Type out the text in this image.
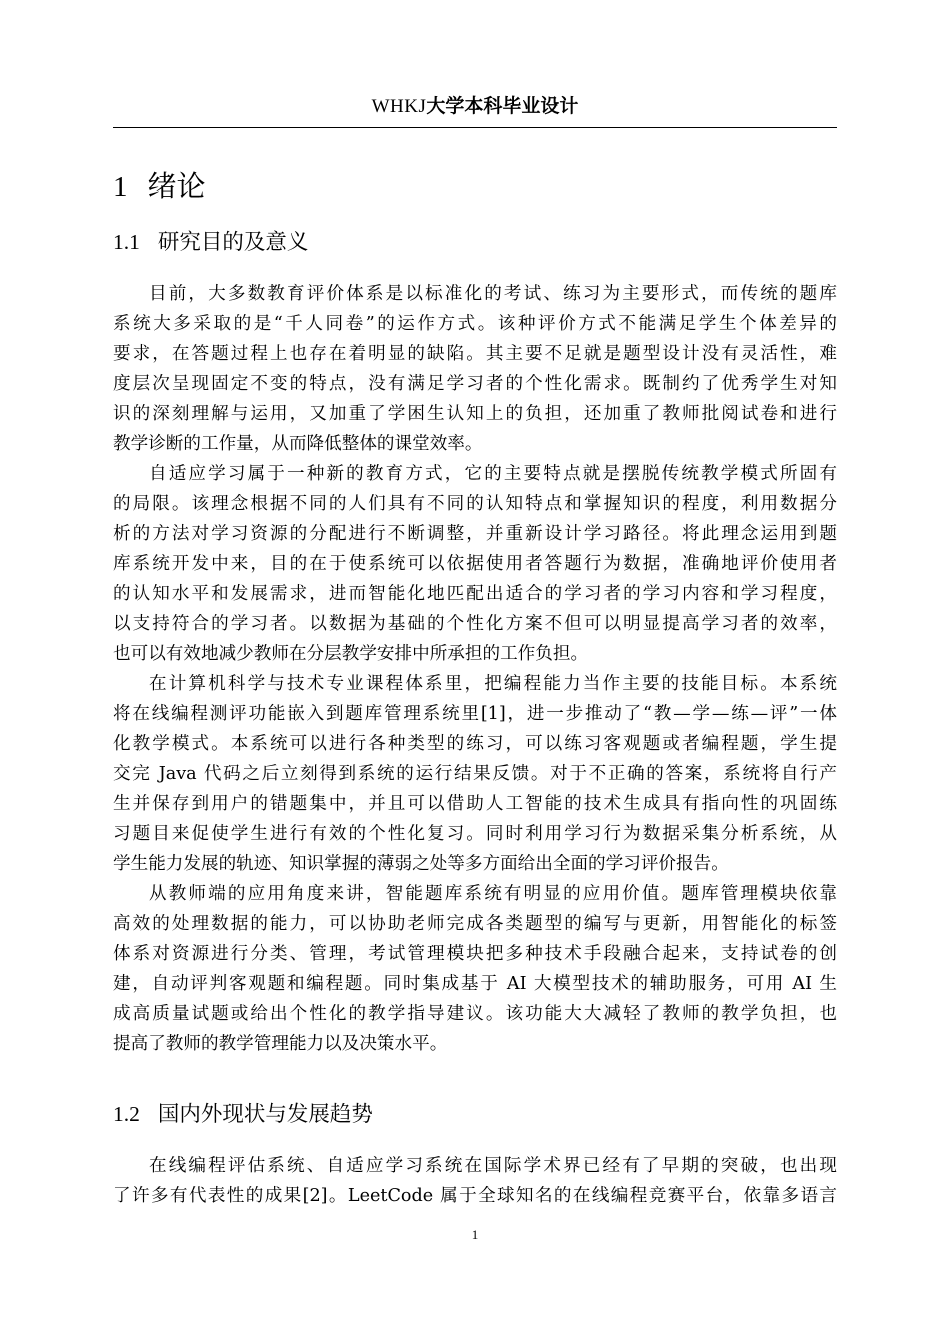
WHKJ大学本科毕业设计
1 绪论
1.1 研究目的及意义
目前，大多数教育评价体系是以标准化的考试、练习为主要形式，而传统的题库
系统大多采取的是“千人同卷”的运作方式。该种评价方式不能满足学生个体差异的
要求，在答题过程上也存在着明显的缺陷。其主要不足就是题型设计没有灵活性，难
度层次呈现固定不变的特点，没有满足学习者的个性化需求。既制约了优秀学生对知
识的深刻理解与运用，又加重了学困生认知上的负担，还加重了教师批阅试卷和进行
教学诊断的工作量，从而降低整体的课堂效率。
自适应学习属于一种新的教育方式，它的主要特点就是摆脱传统教学模式所固有
的局限。该理念根据不同的人们具有不同的认知特点和掌握知识的程度，利用数据分
析的方法对学习资源的分配进行不断调整，并重新设计学习路径。将此理念运用到题
库系统开发中来，目的在于使系统可以依据使用者答题行为数据，准确地评价使用者
的认知水平和发展需求，进而智能化地匹配出适合的学习者的学习内容和学习程度，
以支持符合的学习者。以数据为基础的个性化方案不但可以明显提高学习者的效率，
也可以有效地减少教师在分层教学安排中所承担的工作负担。
在计算机科学与技术专业课程体系里，把编程能力当作主要的技能目标。本系统
将在线编程测评功能嵌入到题库管理系统里[1]，进一步推动了“教—学—练—评”一体
化教学模式。本系统可以进行各种类型的练习，可以练习客观题或者编程题，学生提
交完 Java 代码之后立刻得到系统的运行结果反馈。对于不正确的答案，系统将自行产
生并保存到用户的错题集中，并且可以借助人工智能的技术生成具有指向性的巩固练
习题目来促使学生进行有效的个性化复习。同时利用学习行为数据采集分析系统，从
学生能力发展的轨迹、知识掌握的薄弱之处等多方面给出全面的学习评价报告。
从教师端的应用角度来讲，智能题库系统有明显的应用价值。题库管理模块依靠
高效的处理数据的能力，可以协助老师完成各类题型的编写与更新，用智能化的标签
体系对资源进行分类、管理，考试管理模块把多种技术手段融合起来，支持试卷的创
建，自动评判客观题和编程题。同时集成基于 AI 大模型技术的辅助服务，可用 AI 生
成高质量试题或给出个性化的教学指导建议。该功能大大减轻了教师的教学负担，也
提高了教师的教学管理能力以及决策水平。
1.2 国内外现状与发展趋势
在线编程评估系统、自适应学习系统在国际学术界已经有了早期的突破，也出现
了许多有代表性的成果[2]。LeetCode 属于全球知名的在线编程竞赛平台，依靠多语言
1
